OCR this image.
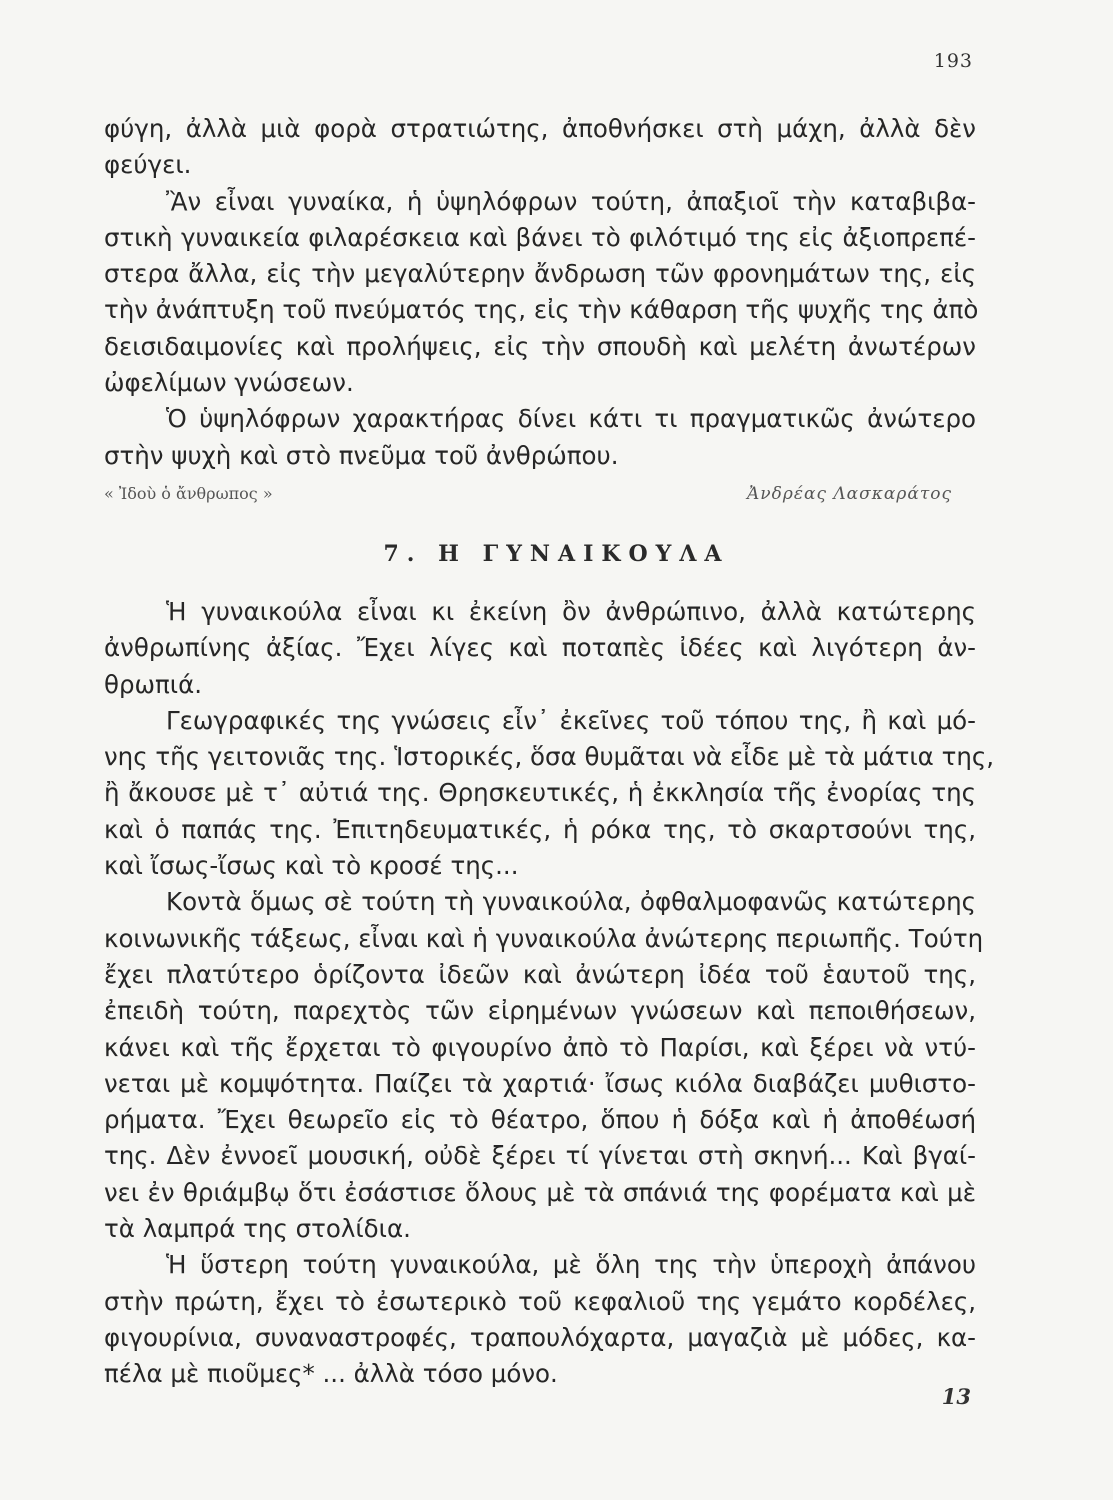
193
φύγη, ἀλλὰ μιὰ φορὰ στρατιώτης, ἀποθνήσκει στὴ μάχη, ἀλλὰ δὲν
φεύγει.
Ἂν εἶναι γυναίκα, ἡ ὑψηλόφρων τούτη, ἀπαξιοῖ τὴν καταβιβα-
στικὴ γυναικεία φιλαρέσκεια καὶ βάνει τὸ φιλότιμό της εἰς ἀξιοπρεπέ-
στερα ἄλλα, εἰς τὴν μεγαλύτερην ἄνδρωση τῶν φρονημάτων της, εἰς
τὴν ἀνάπτυξη τοῦ πνεύματός της, εἰς τὴν κάθαρση τῆς ψυχῆς της ἀπὸ
δεισιδαιμονίες καὶ προλήψεις, εἰς τὴν σπουδὴ καὶ μελέτη ἀνωτέρων
ὠφελίμων γνώσεων.
Ὁ ὑψηλόφρων χαρακτήρας δίνει κάτι τι πραγματικῶς ἀνώτερο
στὴν ψυχὴ καὶ στὸ πνεῦμα τοῦ ἀνθρώπου.
« Ἰδοὺ ὁ ἄνθρωπος »	Ἀνδρέας Λασκαράτος
7. Η ΓΥΝΑΙΚΟΥΛΑ
Ἡ γυναικούλα εἶναι κι ἐκείνη ὂν ἀνθρώπινο, ἀλλὰ κατώτερης
ἀνθρωπίνης ἀξίας. Ἔχει λίγες καὶ ποταπὲς ἰδέες καὶ λιγότερη ἀν-
θρωπιά.
Γεωγραφικές της γνώσεις εἶν᾽ ἐκεῖνες τοῦ τόπου της, ἢ καὶ μό-
νης τῆς γειτονιᾶς της. Ἱστορικές, ὅσα θυμᾶται νὰ εἶδε μὲ τὰ μάτια της,
ἢ ἄκουσε μὲ τ᾽ αὐτιά της. Θρησκευτικές, ἡ ἐκκλησία τῆς ἐνορίας της
καὶ ὁ παπάς της. Ἐπιτηδευματικές, ἡ ρόκα της, τὸ σκαρτσούνι της,
καὶ ἴσως-ἴσως καὶ τὸ κροσέ της...
Κοντὰ ὅμως σὲ τούτη τὴ γυναικούλα, ὀφθαλμοφανῶς κατώτερης
κοινωνικῆς τάξεως, εἶναι καὶ ἡ γυναικούλα ἀνώτερης περιωπῆς. Τούτη
ἔχει πλατύτερο ὁρίζοντα ἰδεῶν καὶ ἀνώτερη ἰδέα τοῦ ἑαυτοῦ της,
ἐπειδὴ τούτη, παρεχτὸς τῶν εἰρημένων γνώσεων καὶ πεποιθήσεων,
κάνει καὶ τῆς ἔρχεται τὸ φιγουρίνο ἀπὸ τὸ Παρίσι, καὶ ξέρει νὰ ντύ-
νεται μὲ κομψότητα. Παίζει τὰ χαρτιά· ἴσως κιόλα διαβάζει μυθιστο-
ρήματα. Ἔχει θεωρεῖο εἰς τὸ θέατρο, ὅπου ἡ δόξα καὶ ἡ ἀποθέωσή
της. Δὲν ἐννοεῖ μουσική, οὐδὲ ξέρει τί γίνεται στὴ σκηνή... Καὶ βγαί-
νει ἐν θριάμβῳ ὅτι ἐσάστισε ὅλους μὲ τὰ σπάνιά της φορέματα καὶ μὲ
τὰ λαμπρά της στολίδια.
Ἡ ὕστερη τούτη γυναικούλα, μὲ ὅλη της τὴν ὑπεροχὴ ἀπάνου
στὴν πρώτη, ἔχει τὸ ἐσωτερικὸ τοῦ κεφαλιοῦ της γεμάτο κορδέλες,
φιγουρίνια, συναναστροφές, τραπουλόχαρτα, μαγαζιὰ μὲ μόδες, κα-
πέλα μὲ πιοῦμες* ... ἀλλὰ τόσο μόνο.
13
